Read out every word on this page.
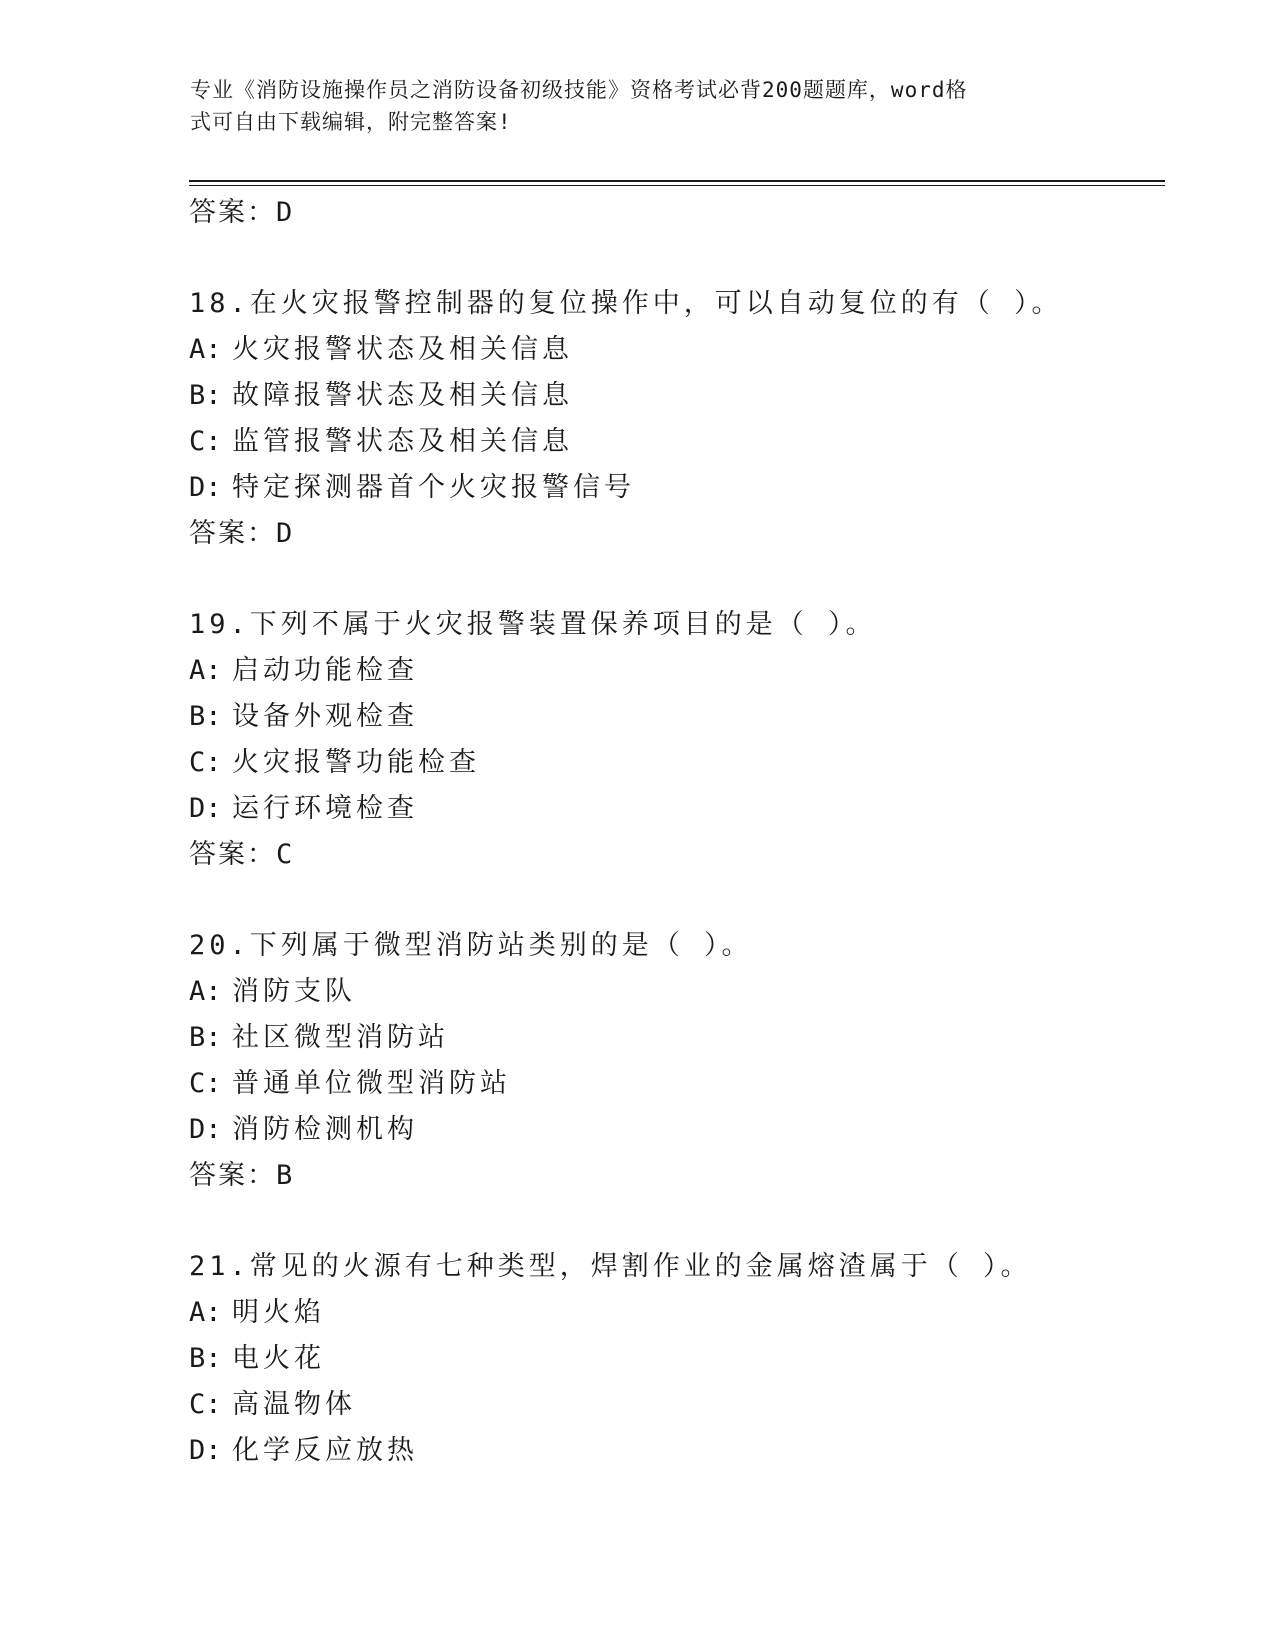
专业《消防设施操作员之消防设备初级技能》资格考试必背200题题库，word格
式可自由下载编辑，附完整答案!
答案：D
18.在火灾报警控制器的复位操作中，可以自动复位的有（ ）。
A: 火灾报警状态及相关信息
B: 故障报警状态及相关信息
C: 监管报警状态及相关信息
D: 特定探测器首个火灾报警信号
答案：D
19.下列不属于火灾报警装置保养项目的是（ ）。
A: 启动功能检查
B: 设备外观检查
C: 火灾报警功能检查
D: 运行环境检查
答案：C
20.下列属于微型消防站类别的是（ ）。
A: 消防支队
B: 社区微型消防站
C: 普通单位微型消防站
D: 消防检测机构
答案：B
21.常见的火源有七种类型，焊割作业的金属熔渣属于（ ）。
A: 明火焰
B: 电火花
C: 高温物体
D: 化学反应放热
